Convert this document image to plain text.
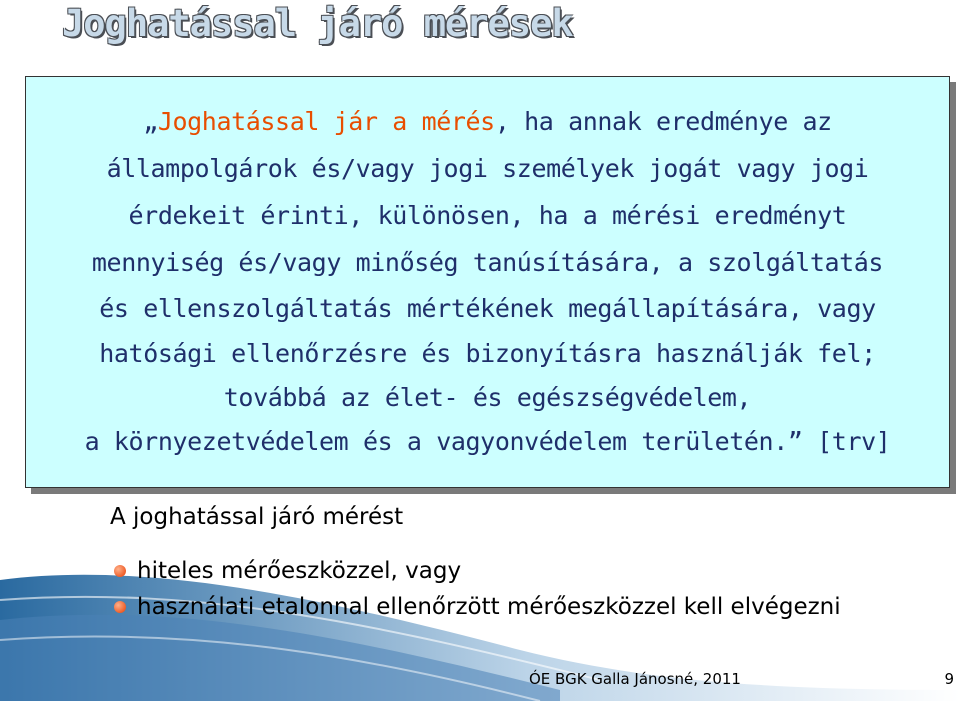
Joghatással járó mérések
„Joghatással jár a mérés, ha annak eredménye az
állampolgárok és/vagy jogi személyek jogát vagy jogi
érdekeit érinti, különösen, ha a mérési eredményt
mennyiség és/vagy minőség tanúsítására, a szolgáltatás
és ellenszolgáltatás mértékének megállapítására, vagy
hatósági ellenőrzésre és bizonyításra használják fel;
továbbá az élet- és egészségvédelem,
a környezetvédelem és a vagyonvédelem területén.” [trv]
A joghatással járó mérést
hiteles mérőeszközzel, vagy
használati etalonnal ellenőrzött mérőeszközzel kell elvégezni
ÓE BGK Galla Jánosné, 2011	9
